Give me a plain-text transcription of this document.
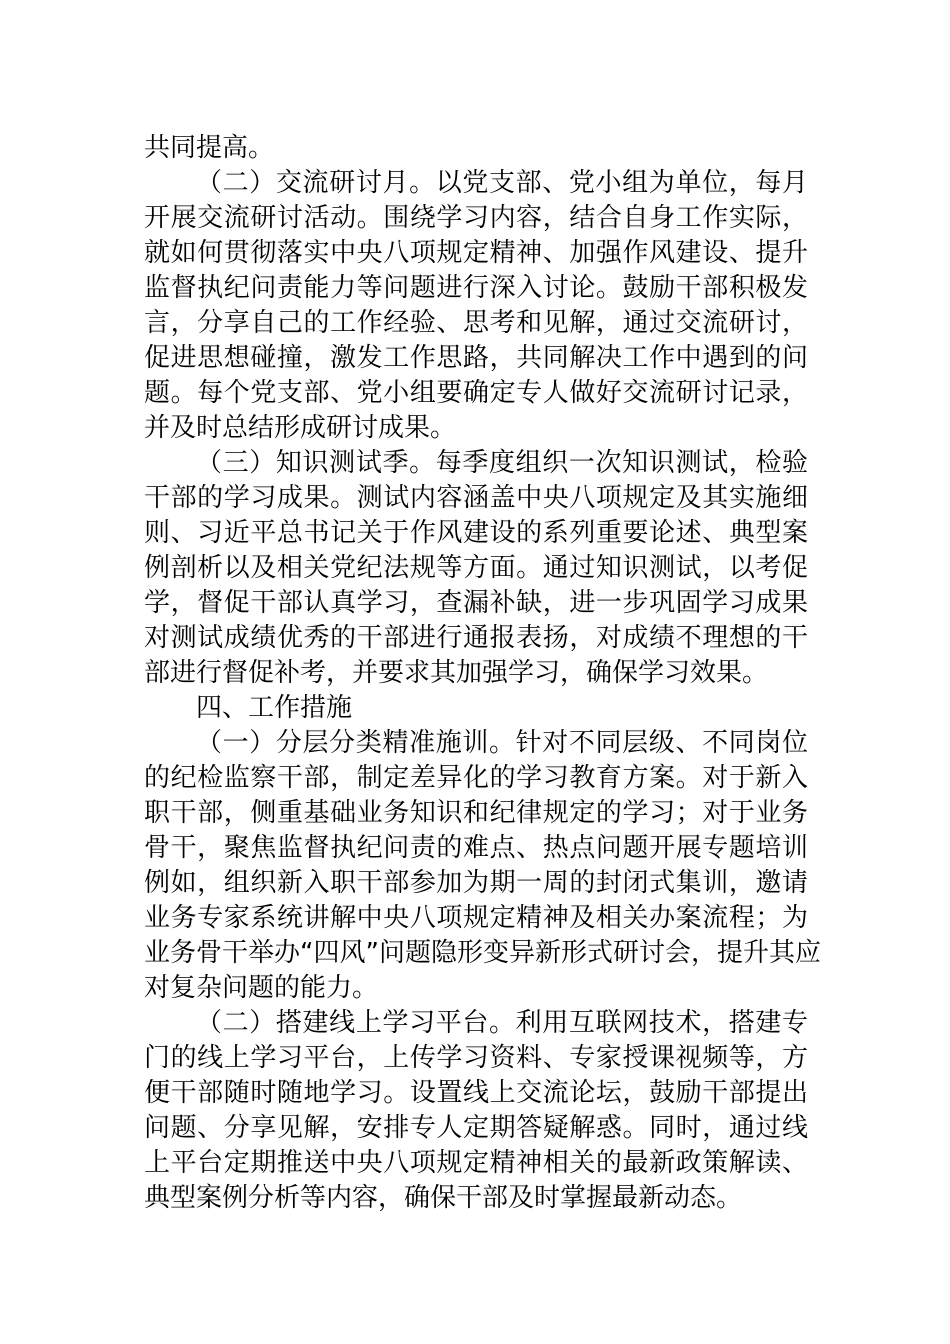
共同提高。
（二）交流研讨月。以党支部、党小组为单位，每月
开展交流研讨活动。围绕学习内容，结合自身工作实际，
就如何贯彻落实中央八项规定精神、加强作风建设、提升
监督执纪问责能力等问题进行深入讨论。鼓励干部积极发
言，分享自己的工作经验、思考和见解，通过交流研讨，
促进思想碰撞，激发工作思路，共同解决工作中遇到的问
题。每个党支部、党小组要确定专人做好交流研讨记录，
并及时总结形成研讨成果。
（三）知识测试季。每季度组织一次知识测试，检验
干部的学习成果。测试内容涵盖中央八项规定及其实施细
则、习近平总书记关于作风建设的系列重要论述、典型案
例剖析以及相关党纪法规等方面。通过知识测试，以考促
学，督促干部认真学习，查漏补缺，进一步巩固学习成果
对测试成绩优秀的干部进行通报表扬，对成绩不理想的干
部进行督促补考，并要求其加强学习，确保学习效果。
四、工作措施
（一）分层分类精准施训。针对不同层级、不同岗位
的纪检监察干部，制定差异化的学习教育方案。对于新入
职干部，侧重基础业务知识和纪律规定的学习；对于业务
骨干，聚焦监督执纪问责的难点、热点问题开展专题培训
例如，组织新入职干部参加为期一周的封闭式集训，邀请
业务专家系统讲解中央八项规定精神及相关办案流程；为
业务骨干举办“四风”问题隐形变异新形式研讨会，提升其应
对复杂问题的能力。
（二）搭建线上学习平台。利用互联网技术，搭建专
门的线上学习平台，上传学习资料、专家授课视频等，方
便干部随时随地学习。设置线上交流论坛，鼓励干部提出
问题、分享见解，安排专人定期答疑解惑。同时，通过线
上平台定期推送中央八项规定精神相关的最新政策解读、
典型案例分析等内容，确保干部及时掌握最新动态。
